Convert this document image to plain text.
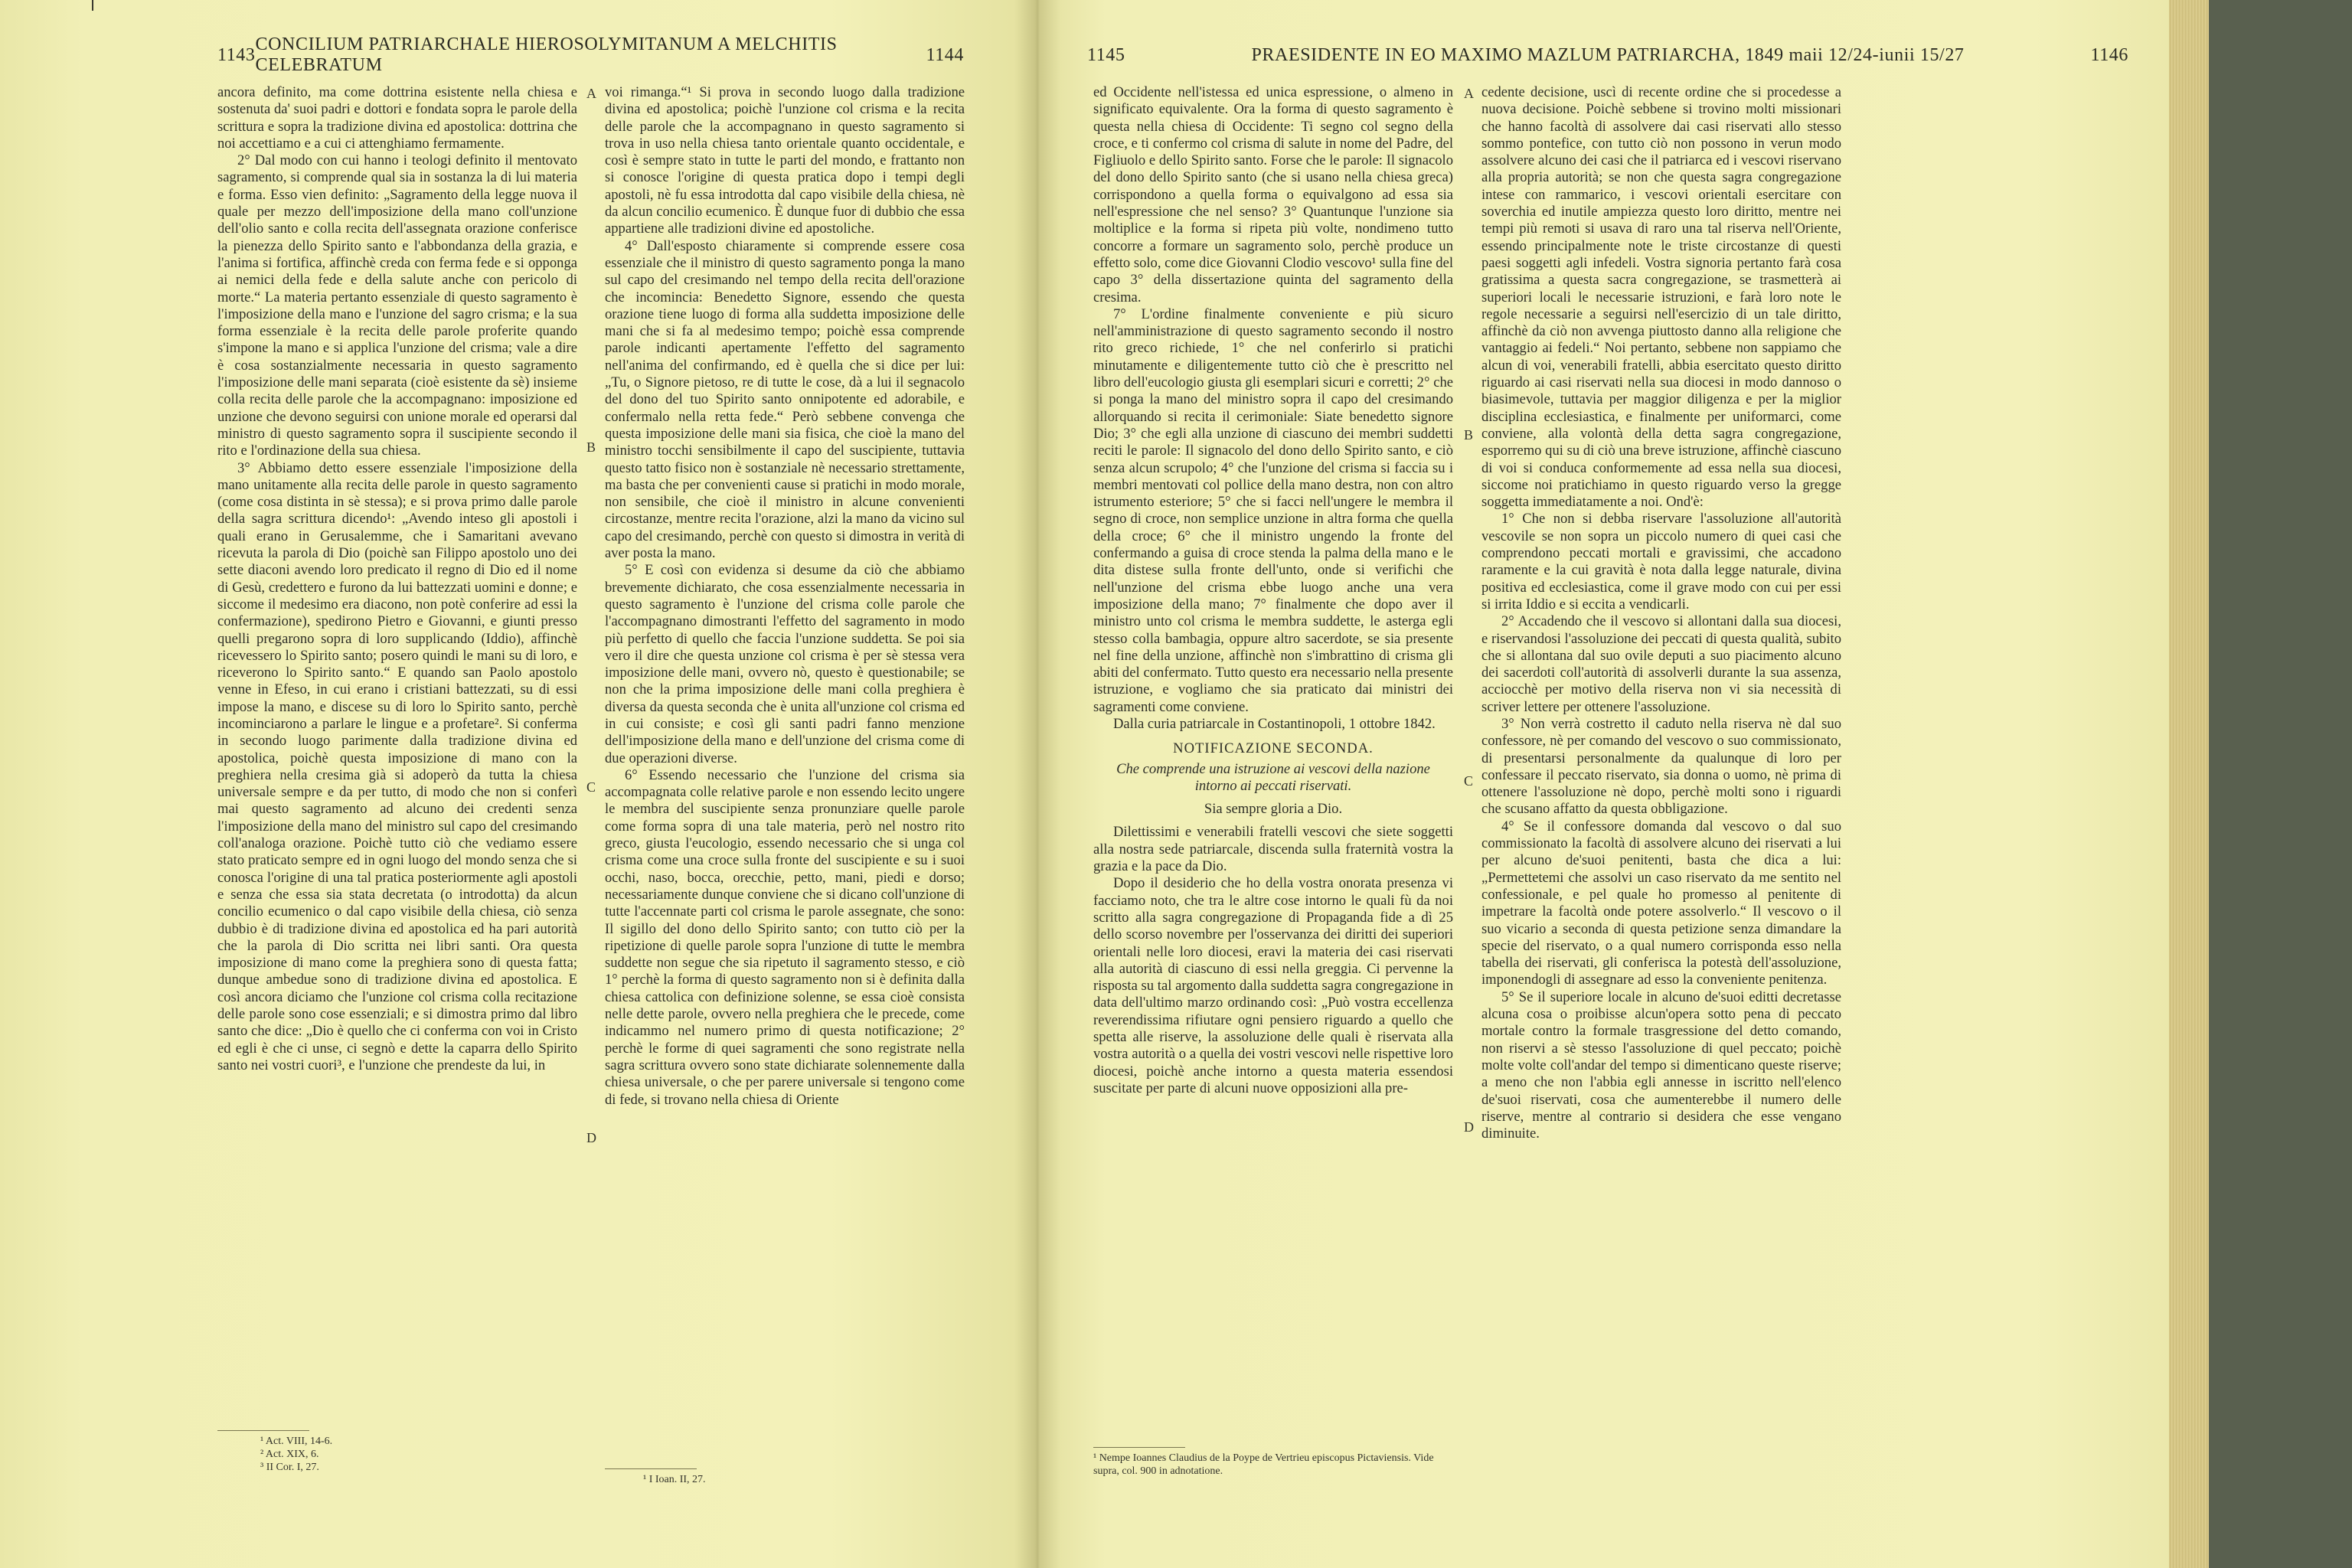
1143
CONCILIUM PATRIARCHALE HIEROSOLYMITANUM A MELCHITIS CELEBRATUM
1144	1145	PRAESIDENTE IN EO MAXIMO MAZLUM PATRIARCHA, 1849 maii 12/24-iunii 15/27	1146

ancora definito, ma come dottrina esistente nella chiesa e sostenuta da' suoi padri e dottori e fondata sopra le parole della scrittura e sopra la tradizione divina ed apostolica: dottrina che noi accettiamo e a cui ci attenghiamo fermamente.

2° Dal modo con cui hanno i teologi definito il mentovato sagramento, si comprende qual sia in sostanza la di lui materia e forma. Esso vien definito: „Sagramento della legge nuova il quale per mezzo dell'imposizione della mano coll'unzione dell'olio santo e colla recita dell'assegnata orazione conferisce la pienezza dello Spirito santo e l'abbondanza della grazia, e l'anima si fortifica, affinchè creda con ferma fede e si opponga ai nemici della fede e della salute anche con pericolo di morte.“ La materia pertanto essenziale di questo sagramento è l'imposizione della mano e l'unzione del sagro crisma; e la sua forma essenziale è la recita delle parole proferite quando s'impone la mano e si applica l'unzione del crisma; vale a dire è cosa sostanzialmente necessaria in questo sagramento l'imposizione delle mani separata (cioè esistente da sè) insieme colla recita delle parole che la accompagnano: imposizione ed unzione che devono seguirsi con unione morale ed operarsi dal ministro di questo sagramento sopra il suscipiente secondo il rito e l'ordinazione della sua chiesa.

3° Abbiamo detto essere essenziale l'imposizione della mano unitamente alla recita delle parole in questo sagramento (come cosa distinta in sè stessa); e si prova primo dalle parole della sagra scrittura dicendo¹: „Avendo inteso gli apostoli i quali erano in Gerusalemme, che i Samaritani avevano ricevuta la parola di Dio (poichè san Filippo apostolo uno dei sette diaconi avendo loro predicato il regno di Dio ed il nome di Gesù, credettero e furono da lui battezzati uomini e donne; e siccome il medesimo era diacono, non potè conferire ad essi la confermazione), spedirono Pietro e Giovanni, e giunti presso quelli pregarono sopra di loro supplicando (Iddio), affinchè ricevessero lo Spirito santo; posero quindi le mani su di loro, e riceverono lo Spirito santo.“ E quando san Paolo apostolo venne in Efeso, in cui erano i cristiani battezzati, su di essi impose la mano, e discese su di loro lo Spirito santo, perchè incominciarono a parlare le lingue e a profetare². Si conferma in secondo luogo parimente dalla tradizione divina ed apostolica, poichè questa imposizione di mano con la preghiera nella cresima già si adoperò da tutta la chiesa universale sempre e da per tutto, di modo che non si conferì mai questo sagramento ad alcuno dei credenti senza l'imposizione della mano del ministro sul capo del cresimando coll'analoga orazione. Poichè tutto ciò che vediamo essere stato praticato sempre ed in ogni luogo del mondo senza che si conosca l'origine di una tal pratica posteriormente agli apostoli e senza che essa sia stata decretata (o introdotta) da alcun concilio ecumenico o dal capo visibile della chiesa, ciò senza dubbio è di tradizione divina ed apostolica ed ha pari autorità che la parola di Dio scritta nei libri santi. Ora questa imposizione di mano come la preghiera sono di questa fatta; dunque ambedue sono di tradizione divina ed apostolica. E così ancora diciamo che l'unzione col crisma colla recitazione delle parole sono cose essenziali; e si dimostra primo dal libro santo che dice: „Dio è quello che ci conferma con voi in Cristo ed egli è che ci unse, ci segnò e dette la caparra dello Spirito santo nei vostri cuori³, e l'unzione che prendeste da lui, in

¹ Act. VIII, 14-6.
² Act. XIX, 6.
³ II Cor. I, 27.

voi rimanga.“¹ Si prova in secondo luogo dalla tradizione divina ed apostolica; poichè l'unzione col crisma e la recita delle parole che la accompagnano in questo sagramento si trova in uso nella chiesa tanto orientale quanto occidentale, e così è sempre stato in tutte le parti del mondo, e frattanto non si conosce l'origine di questa pratica dopo i tempi degli apostoli, nè fu essa introdotta dal capo visibile della chiesa, nè da alcun concilio ecumenico. È dunque fuor di dubbio che essa appartiene alle tradizioni divine ed apostoliche.

4° Dall'esposto chiaramente si comprende essere cosa essenziale che il ministro di questo sagramento ponga la mano sul capo del cresimando nel tempo della recita dell'orazione che incomincia: Benedetto Signore, essendo che questa orazione tiene luogo di forma alla suddetta imposizione delle mani che si fa al medesimo tempo; poichè essa comprende parole indicanti apertamente l'effetto del sagramento nell'anima del confirmando, ed è quella che si dice per lui: „Tu, o Signore pietoso, re di tutte le cose, dà a lui il segnacolo del dono del tuo Spirito santo onnipotente ed adorabile, e confermalo nella retta fede.“ Però sebbene convenga che questa imposizione delle mani sia fisica, che cioè la mano del ministro tocchi sensibilmente il capo del suscipiente, tuttavia questo tatto fisico non è sostanziale nè necessario strettamente, ma basta che per convenienti cause si pratichi in modo morale, non sensibile, che cioè il ministro in alcune convenienti circostanze, mentre recita l'orazione, alzi la mano da vicino sul capo del cresimando, perchè con questo si dimostra in verità di aver posta la mano.

5° E così con evidenza si desume da ciò che abbiamo brevemente dichiarato, che cosa essenzialmente necessaria in questo sagramento è l'unzione del crisma colle parole che l'accompagnano dimostranti l'effetto del sagramento in modo più perfetto di quello che faccia l'unzione suddetta. Se poi sia vero il dire che questa unzione col crisma è per sè stessa vera imposizione delle mani, ovvero nò, questo è questionabile; se non che la prima imposizione delle mani colla preghiera è diversa da questa seconda che è unita all'unzione col crisma ed in cui consiste; e così gli santi padri fanno menzione dell'imposizione della mano e dell'unzione del crisma come di due operazioni diverse.

6° Essendo necessario che l'unzione del crisma sia accompagnata colle relative parole e non essendo lecito ungere le membra del suscipiente senza pronunziare quelle parole come forma sopra di una tale materia, però nel nostro rito greco, giusta l'eucologio, essendo necessario che si unga col crisma come una croce sulla fronte del suscipiente e su i suoi occhi, naso, bocca, orecchie, petto, mani, piedi e dorso; necessariamente dunque conviene che si dicano coll'unzione di tutte l'accennate parti col crisma le parole assegnate, che sono: Il sigillo del dono dello Spirito santo; con tutto ciò per la ripetizione di quelle parole sopra l'unzione di tutte le membra suddette non segue che sia ripetuto il sagramento stesso, e ciò 1° perchè la forma di questo sagramento non si è definita dalla chiesa cattolica con definizione solenne, se essa cioè consista nelle dette parole, ovvero nella preghiera che le precede, come indicammo nel numero primo di questa notificazione; 2° perchè le forme di quei sagramenti che sono registrate nella sagra scrittura ovvero sono state dichiarate solennemente dalla chiesa universale, o che per parere universale si tengono come di fede, si trovano nella chiesa di Oriente

¹ I Ioan. II, 27.
A
B
C
D

ed Occidente nell'istessa ed unica espressione, o almeno in significato equivalente. Ora la forma di questo sagramento è questa nella chiesa di Occidente: Ti segno col segno della croce, e ti confermo col crisma di salute in nome del Padre, del Figliuolo e dello Spirito santo. Forse che le parole: Il signacolo del dono dello Spirito santo (che si usano nella chiesa greca) corrispondono a quella forma o equivalgono ad essa sia nell'espressione che nel senso? 3° Quantunque l'unzione sia moltiplice e la forma si ripeta più volte, nondimeno tutto concorre a formare un sagramento solo, perchè produce un effetto solo, come dice Giovanni Clodio vescovo¹ sulla fine del capo 3° della dissertazione quinta del sagramento della cresima.

7° L'ordine finalmente conveniente e più sicuro nell'amministrazione di questo sagramento secondo il nostro rito greco richiede, 1° che nel conferirlo si pratichi minutamente e diligentemente tutto ciò che è prescritto nel libro dell'eucologio giusta gli esemplari sicuri e corretti; 2° che si ponga la mano del ministro sopra il capo del cresimando allorquando si recita il cerimoniale: Siate benedetto signore Dio; 3° che egli alla unzione di ciascuno dei membri suddetti reciti le parole: Il signacolo del dono dello Spirito santo, e ciò senza alcun scrupolo; 4° che l'unzione del crisma si faccia su i membri mentovati col pollice della mano destra, non con altro istrumento esteriore; 5° che si facci nell'ungere le membra il segno di croce, non semplice unzione in altra forma che quella della croce; 6° che il ministro ungendo la fronte del confermando a guisa di croce stenda la palma della mano e le dita distese sulla fronte dell'unto, onde si verifichi che nell'unzione del crisma ebbe luogo anche una vera imposizione della mano; 7° finalmente che dopo aver il ministro unto col crisma le membra suddette, le asterga egli stesso colla bambagia, oppure altro sacerdote, se sia presente nel fine della unzione, affinchè non s'imbrattino di crisma gli abiti del confermato. Tutto questo era necessario nella presente istruzione, e vogliamo che sia praticato dai ministri dei sagramenti come conviene.

Dalla curia patriarcale in Costantinopoli, 1 ottobre 1842.

NOTIFICAZIONE SECONDA.

Che comprende una istruzione ai vescovi della nazione intorno ai peccati riservati.

Sia sempre gloria a Dio.

Dilettissimi e venerabili fratelli vescovi che siete soggetti alla nostra sede patriarcale, discenda sulla fraternità vostra la grazia e la pace da Dio.

Dopo il desiderio che ho della vostra onorata presenza vi facciamo noto, che tra le altre cose intorno le quali fù da noi scritto alla sagra congregazione di Propaganda fide a dì 25 dello scorso novembre per l'osservanza dei diritti dei superiori orientali nelle loro diocesi, eravi la materia dei casi riservati alla autorità di ciascuno di essi nella greggia. Ci pervenne la risposta su tal argomento dalla suddetta sagra congregazione in data dell'ultimo marzo ordinando così: „Può vostra eccellenza reverendissima rifiutare ogni pensiero riguardo a quello che spetta alle riserve, la assoluzione delle quali è riservata alla vostra autorità o a quella dei vostri vescovi nelle rispettive loro diocesi, poichè anche intorno a questa materia essendosi suscitate per parte di alcuni nuove opposizioni alla pre-

¹ Nempe Ioannes Claudius de la Poype de Vertrieu episcopus Pictaviensis. Vide supra, col. 900 in adnotatione.

cedente decisione, uscì di recente ordine che si procedesse a nuova decisione. Poichè sebbene si trovino molti missionari che hanno facoltà di assolvere dai casi riservati allo stesso sommo pontefice, con tutto ciò non possono in verun modo assolvere alcuno dei casi che il patriarca ed i vescovi riservano alla propria autorità; se non che questa sagra congregazione intese con rammarico, i vescovi orientali esercitare con soverchia ed inutile ampiezza questo loro diritto, mentre nei tempi più remoti si usava di raro una tal riserva nell'Oriente, essendo principalmente note le triste circostanze di questi paesi soggetti agli infedeli. Vostra signoria pertanto farà cosa gratissima a questa sacra congregazione, se trasmetterà ai superiori locali le necessarie istruzioni, e farà loro note le regole necessarie a seguirsi nell'esercizio di un tale diritto, affinchè da ciò non avvenga piuttosto danno alla religione che vantaggio ai fedeli.“ Noi pertanto, sebbene non sappiamo che alcun di voi, venerabili fratelli, abbia esercitato questo diritto riguardo ai casi riservati nella sua diocesi in modo dannoso o biasimevole, tuttavia per maggior diligenza e per la miglior disciplina ecclesiastica, e finalmente per uniformarci, come conviene, alla volontà della detta sagra congregazione, esporremo qui su di ciò una breve istruzione, affinchè ciascuno di voi si conduca conformemente ad essa nella sua diocesi, siccome noi pratichiamo in questo riguardo verso la gregge soggetta immediatamente a noi. Ond'è:

1° Che non si debba riservare l'assoluzione all'autorità vescovile se non sopra un piccolo numero di quei casi che comprendono peccati mortali e gravissimi, che accadono raramente e la cui gravità è nota dalla legge naturale, divina positiva ed ecclesiastica, come il grave modo con cui per essi si irrita Iddio e si eccita a vendicarli.

2° Accadendo che il vescovo si allontani dalla sua diocesi, e riservandosi l'assoluzione dei peccati di questa qualità, subito che si allontana dal suo ovile deputi a suo piacimento alcuno dei sacerdoti coll'autorità di assolverli durante la sua assenza, acciocchè per motivo della riserva non vi sia necessità di scriver lettere per ottenere l'assoluzione.

3° Non verrà costretto il caduto nella riserva nè dal suo confessore, nè per comando del vescovo o suo commissionato, di presentarsi personalmente da qualunque di loro per confessare il peccato riservato, sia donna o uomo, nè prima di ottenere l'assoluzione nè dopo, perchè molti sono i riguardi che scusano affatto da questa obbligazione.

4° Se il confessore domanda dal vescovo o dal suo commissionato la facoltà di assolvere alcuno dei riservati a lui per alcuno de'suoi penitenti, basta che dica a lui: „Permettetemi che assolvi un caso riservato da me sentito nel confessionale, e pel quale ho promesso al penitente di impetrare la facoltà onde potere assolverlo.“ Il vescovo o il suo vicario a seconda di questa petizione senza dimandare la specie del riservato, o a qual numero corrisponda esso nella tabella dei riservati, gli conferisca la potestà dell'assoluzione, imponendogli di assegnare ad esso la conveniente penitenza.

5° Se il superiore locale in alcuno de'suoi editti decretasse alcuna cosa o proibisse alcun'opera sotto pena di peccato mortale contro la formale trasgressione del detto comando, non riservi a sè stesso l'assoluzione di quel peccato; poichè molte volte coll'andar del tempo si dimenticano queste riserve; a meno che non l'abbia egli annesse in iscritto nell'elenco de'suoi riservati, cosa che aumenterebbe il numero delle riserve, mentre al contrario si desidera che esse vengano diminuite.

A
B
C
D
